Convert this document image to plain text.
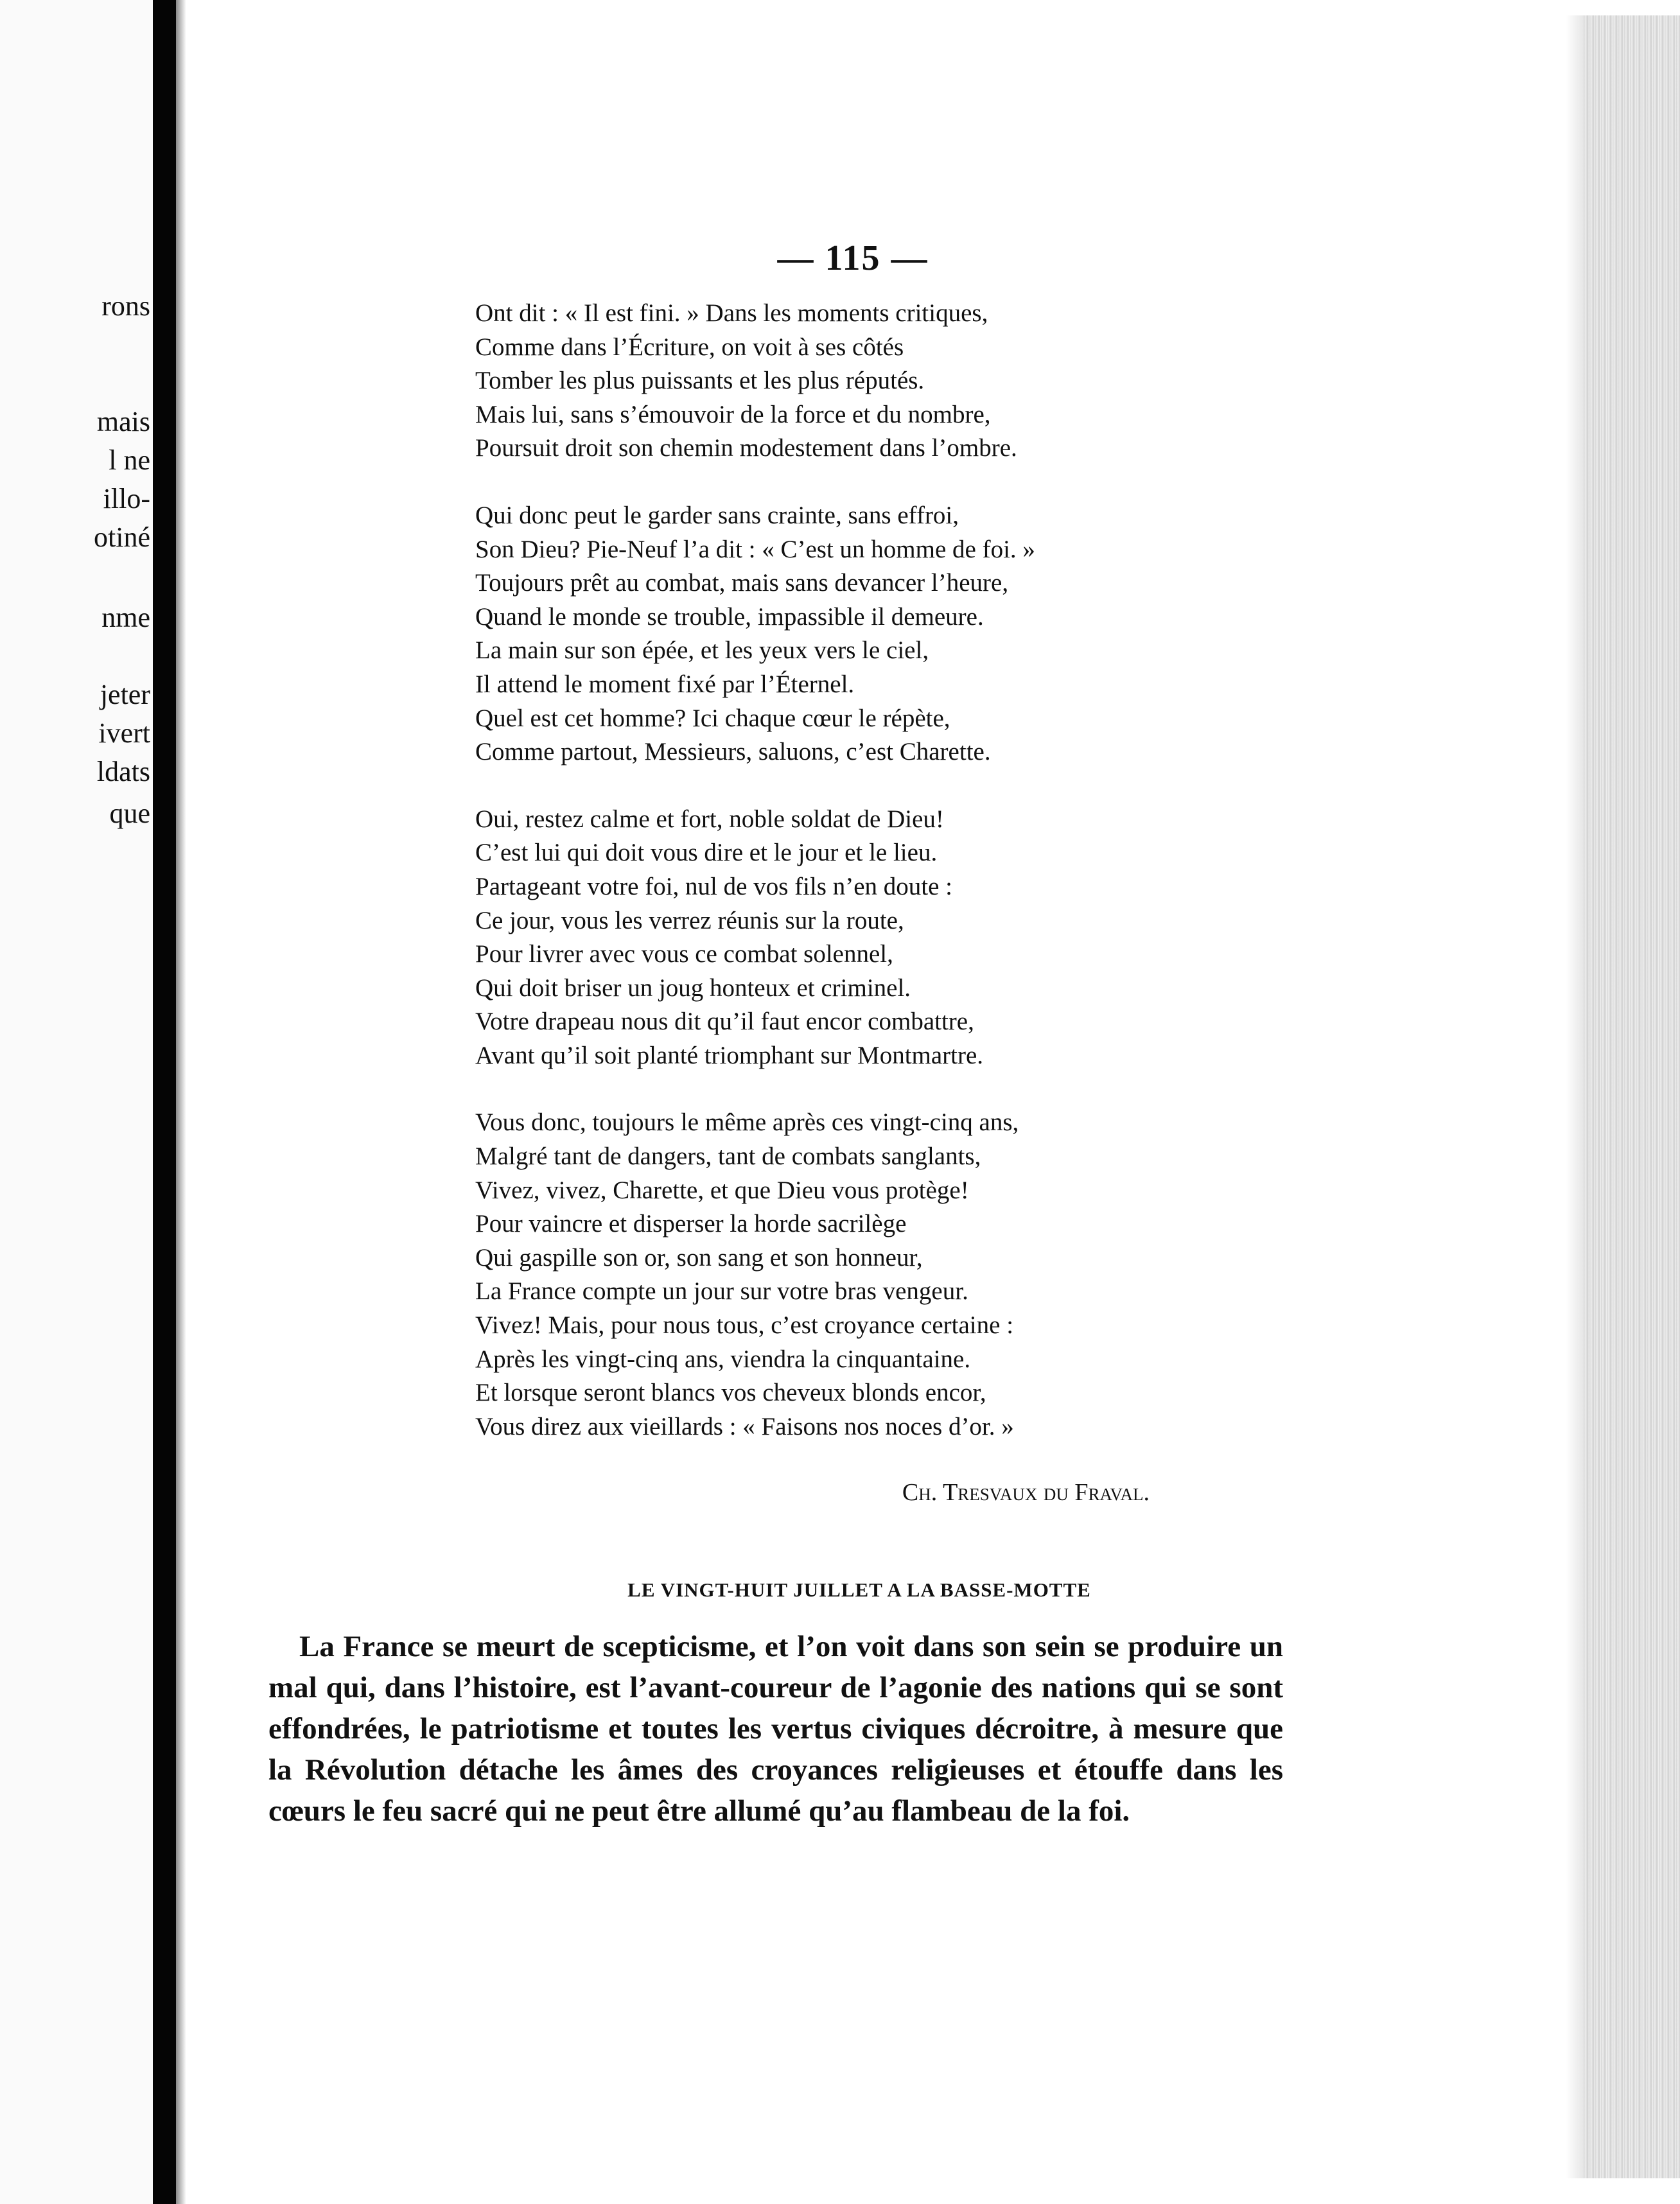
rons
mais
l ne
illo-
otiné
nme
jeter
ivert
ldats
que
— 115 —
Ont dit : « Il est fini. » Dans les moments critiques,
Comme dans l’Écriture, on voit à ses côtés
Tomber les plus puissants et les plus réputés.
Mais lui, sans s’émouvoir de la force et du nombre,
Poursuit droit son chemin modestement dans l’ombre.
Qui donc peut le garder sans crainte, sans effroi,
Son Dieu? Pie-Neuf l’a dit : « C’est un homme de foi. »
Toujours prêt au combat, mais sans devancer l’heure,
Quand le monde se trouble, impassible il demeure.
La main sur son épée, et les yeux vers le ciel,
Il attend le moment fixé par l’Éternel.
Quel est cet homme? Ici chaque cœur le répète,
Comme partout, Messieurs, saluons, c’est Charette.
Oui, restez calme et fort, noble soldat de Dieu!
C’est lui qui doit vous dire et le jour et le lieu.
Partageant votre foi, nul de vos fils n’en doute :
Ce jour, vous les verrez réunis sur la route,
Pour livrer avec vous ce combat solennel,
Qui doit briser un joug honteux et criminel.
Votre drapeau nous dit qu’il faut encor combattre,
Avant qu’il soit planté triomphant sur Montmartre.
Vous donc, toujours le même après ces vingt-cinq ans,
Malgré tant de dangers, tant de combats sanglants,
Vivez, vivez, Charette, et que Dieu vous protège!
Pour vaincre et disperser la horde sacrilège
Qui gaspille son or, son sang et son honneur,
La France compte un jour sur votre bras vengeur.
Vivez! Mais, pour nous tous, c’est croyance certaine :
Après les vingt-cinq ans, viendra la cinquantaine.
Et lorsque seront blancs vos cheveux blonds encor,
Vous direz aux vieillards : « Faisons nos noces d’or. »
Ch. Tresvaux du Fraval.
LE VINGT-HUIT JUILLET A LA BASSE-MOTTE

La France se meurt de scepticisme, et l’on voit dans son sein se produire un mal qui, dans l’histoire, est l’avant-coureur de l’agonie des nations qui se sont effondrées, le patriotisme et toutes les vertus civiques décroitre, à mesure que la Révolution détache les âmes des croyances religieuses et étouffe dans les cœurs le feu sacré qui ne peut être allumé qu’au flambeau de la foi.
